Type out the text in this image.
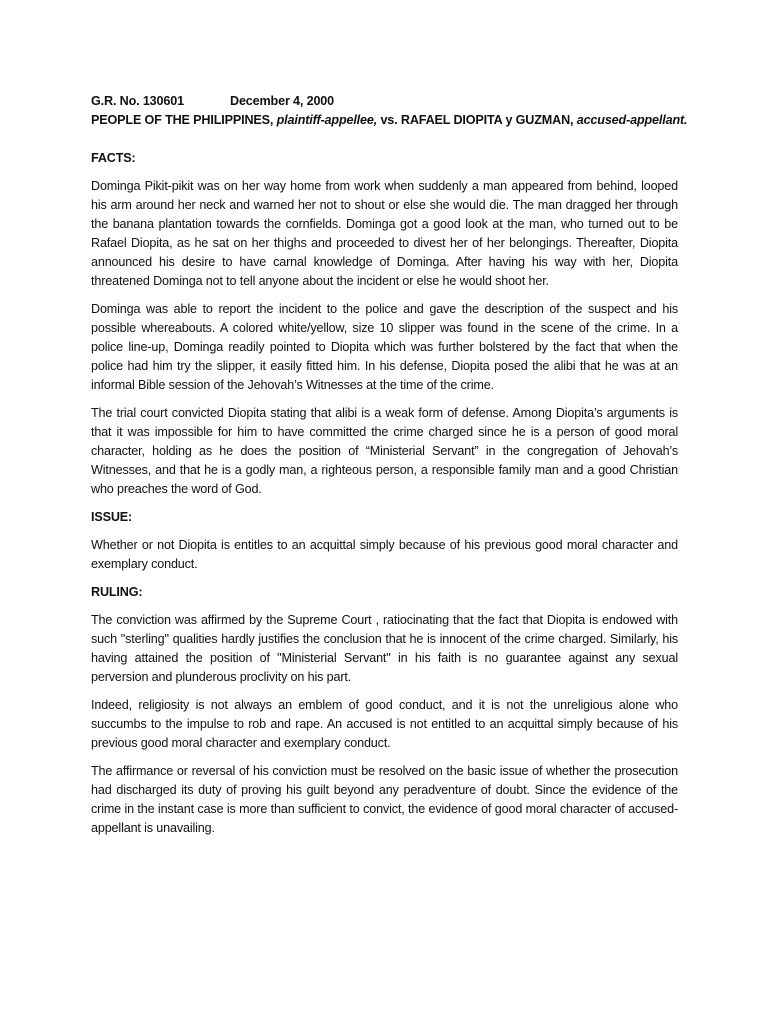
G.R. No. 130601	December 4, 2000
PEOPLE OF THE PHILIPPINES, plaintiff-appellee, vs. RAFAEL DIOPITA y GUZMAN, accused-appellant.
FACTS:

Dominga Pikit-pikit was on her way home from work when suddenly a man appeared from behind, looped his arm around her neck and warned her not to shout or else she would die. The man dragged her through the banana plantation towards the cornfields. Dominga got a good look at the man, who turned out to be Rafael Diopita, as he sat on her thighs and proceeded to divest her of her belongings. Thereafter, Diopita announced his desire to have carnal knowledge of Dominga. After having his way with her, Diopita threatened Dominga not to tell anyone about the incident or else he would shoot her.

Dominga was able to report the incident to the police and gave the description of the suspect and his possible whereabouts. A colored white/yellow, size 10 slipper was found in the scene of the crime. In a police line-up, Dominga readily pointed to Diopita which was further bolstered by the fact that when the police had him try the slipper, it easily fitted him. In his defense, Diopita posed the alibi that he was at an informal Bible session of the Jehovah’s Witnesses at the time of the crime.

The trial court convicted Diopita stating that alibi is a weak form of defense. Among Diopita’s arguments is that it was impossible for him to have committed the crime charged since he is a person of good moral character, holding as he does the position of “Ministerial Servant” in the congregation of Jehovah’s Witnesses, and that he is a godly man, a righteous person, a responsible family man and a good Christian who preaches the word of God.

ISSUE:

Whether or not Diopita is entitles to an acquittal simply because of his previous good moral character and exemplary conduct.

RULING:

The conviction was affirmed by the Supreme Court , ratiocinating that the fact that Diopita is endowed with such "sterling" qualities hardly justifies the conclusion that he is innocent of the crime charged. Similarly, his having attained the position of "Ministerial Servant" in his faith is no guarantee against any sexual perversion and plunderous proclivity on his part.

Indeed, religiosity is not always an emblem of good conduct, and it is not the unreligious alone who succumbs to the impulse to rob and rape. An accused is not entitled to an acquittal simply because of his previous good moral character and exemplary conduct.

The affirmance or reversal of his conviction must be resolved on the basic issue of whether the prosecution had discharged its duty of proving his guilt beyond any peradventure of doubt. Since the evidence of the crime in the instant case is more than sufficient to convict, the evidence of good moral character of accused-appellant is unavailing.
